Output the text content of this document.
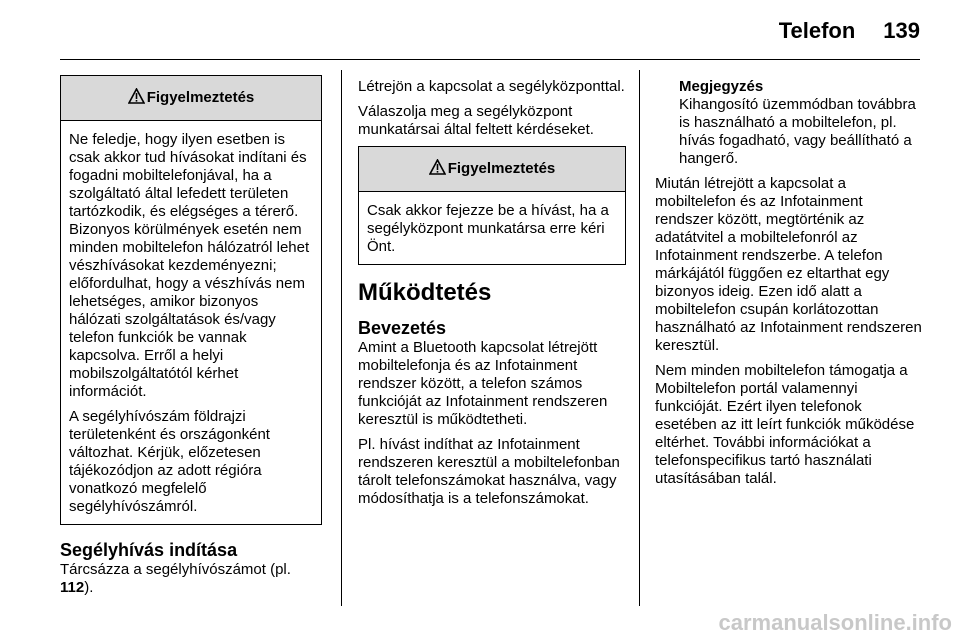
Telefon 139
Figyelmeztetés

Ne feledje, hogy ilyen esetben is csak akkor tud hívásokat indítani és fogadni mobiltelefonjával, ha a szolgáltató által lefedett területen tartózkodik, és elégséges a térerő. Bizonyos körülmények esetén nem minden mobiltelefon hálózatról lehet vészhívásokat kezdeményezni; előfordulhat, hogy a vészhívás nem lehetséges, amikor bizonyos hálózati szolgáltatások és/vagy telefon funkciók be vannak kapcsolva. Erről a helyi mobilszolgáltatótól kérhet információt.

A segélyhívószám földrajzi területenként és országonként változhat. Kérjük, előzetesen tájékozódjon az adott régióra vonatkozó megfelelő segélyhívószámról.

Segélyhívás indítása

Tárcsázza a segélyhívószámot (pl. 112).

Létrejön a kapcsolat a segélyközponttal.

Válaszolja meg a segélyközpont munkatársai által feltett kérdéseket.

Figyelmeztetés

Csak akkor fejezze be a hívást, ha a segélyközpont munkatársa erre kéri Önt.

Működtetés
Bevezetés

Amint a Bluetooth kapcsolat létrejött mobiltelefonja és az Infotainment rendszer között, a telefon számos funkcióját az Infotainment rendszeren keresztül is működtetheti.

Pl. hívást indíthat az Infotainment rendszeren keresztül a mobiltelefonban tárolt telefonszámokat használva, vagy módosíthatja is a telefonszámokat.

Megjegyzés

Kihangosító üzemmódban továbbra is használható a mobiltelefon, pl. hívás fogadható, vagy beállítható a hangerő.

Miután létrejött a kapcsolat a mobiltelefon és az Infotainment rendszer között, megtörténik az adatátvitel a mobiltelefonról az Infotainment rendszerbe. A telefon márkájától függően ez eltarthat egy bizonyos ideig. Ezen idő alatt a mobiltelefon csupán korlátozottan használható az Infotainment rendszeren keresztül.

Nem minden mobiltelefon támogatja a Mobiltelefon portál valamennyi funkcióját. Ezért ilyen telefonok esetében az itt leírt funkciók működése eltérhet. További információkat a telefonspecifikus tartó használati utasításában talál.

carmanualsonline.info
